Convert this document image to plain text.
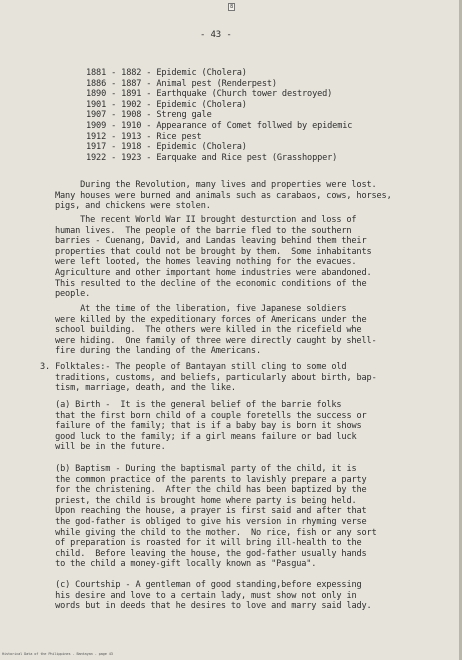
8
- 43 -
1881 - 1882 - Epidemic (Cholera)
1886 - 1887 - Animal pest (Renderpest)
1890 - 1891 - Earthquake (Church tower destroyed)
1901 - 1902 - Epidemic (Cholera)
1907 - 1908 - Streng gale
1909 - 1910 - Appearance of Comet follwed by epidemic
1912 - 1913 - Rice pest
1917 - 1918 - Epidemic (Cholera)
1922 - 1923 - Earquake and Rice pest (Grasshopper)
During the Revolution, many lives and properties were lost.
Many houses were burned and animals such as carabaos, cows, horses,
pigs, and chickens were stolen.
The recent World War II brought desturction and loss of
human lives.  The people of the barrie fled to the southern
barries - Cuenang, David, and Landas leaving behind them their
properties that could not be brought by them.  Some inhabitants
were left looted, the homes leaving nothing for the evacues.
Agriculture and other important home industries were abandoned.
This resulted to the decline of the economic conditions of the
people.
At the time of the liberation, five Japanese soldiers
were killed by the expeditionary forces of Americans under the
school building.  The others were killed in the ricefield whe
were hiding.  One family of three were directly caught by shell-
fire during the landing of the Americans.
3. Folktales:- The people of Bantayan still cling to some old
traditions, customs, and beliefs, particularly about birth, bap-
tism, marriage, death, and the like.
(a) Birth -  It is the general belief of the barrie folks
that the first born child of a couple foretells the success or
failure of the family; that is if a baby bay is born it shows
good luck to the family; if a girl means failure or bad luck
will be in the future.
(b) Baptism - During the baptismal party of the child, it is
the common practice of the parents to lavishly prepare a party
for the christening.  After the child has been baptized by the
priest, the child is brought home where party is being held.
Upon reaching the house, a prayer is first said and after that
the god-father is obliged to give his version in rhyming verse
while giving the child to the mother.  No rice, fish or any sort
of preparation is roasted for it will bring ill-health to the
child.  Before leaving the house, the god-father usually hands
to the child a money-gift locally known as "Pasgua".
(c) Courtship - A gentleman of good standing,before expessing
his desire and love to a certain lady, must show not only in
words but in deeds that he desires to love and marry said lady.
Historical Data of the Philippines - Bantayan - page 43
